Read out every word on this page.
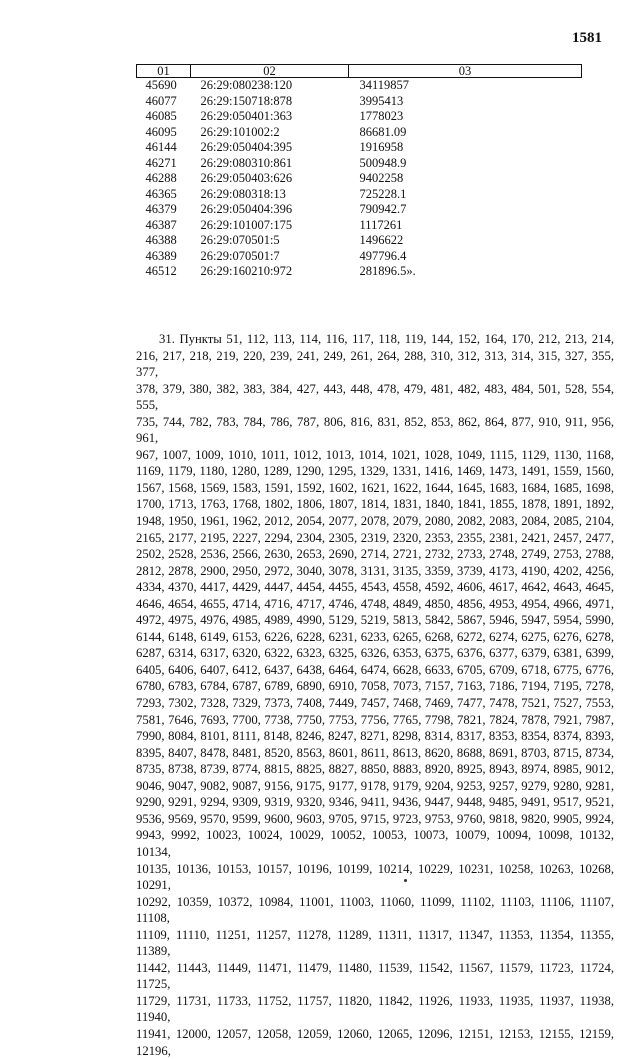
1581
01	02	03
45690	26:29:080238:120	34119857
46077	26:29:150718:878	3995413
46085	26:29:050401:363	1778023
46095	26:29:101002:2	86681.09
46144	26:29:050404:395	1916958
46271	26:29:080310:861	500948.9
46288	26:29:050403:626	9402258
46365	26:29:080318:13	725228.1
46379	26:29:050404:396	790942.7
46387	26:29:101007:175	1117261
46388	26:29:070501:5	1496622
46389	26:29:070501:7	497796.4
46512	26:29:160210:972	281896.5».
31. Пункты 51, 112, 113, 114, 116, 117, 118, 119, 144, 152, 164, 170, 212, 213, 214,
216, 217, 218, 219, 220, 239, 241, 249, 261, 264, 288, 310, 312, 313, 314, 315, 327, 355, 377,
378, 379, 380, 382, 383, 384, 427, 443, 448, 478, 479, 481, 482, 483, 484, 501, 528, 554, 555,
735, 744, 782, 783, 784, 786, 787, 806, 816, 831, 852, 853, 862, 864, 877, 910, 911, 956, 961,
967, 1007, 1009, 1010, 1011, 1012, 1013, 1014, 1021, 1028, 1049, 1115, 1129, 1130, 1168,
1169, 1179, 1180, 1280, 1289, 1290, 1295, 1329, 1331, 1416, 1469, 1473, 1491, 1559, 1560,
1567, 1568, 1569, 1583, 1591, 1592, 1602, 1621, 1622, 1644, 1645, 1683, 1684, 1685, 1698,
1700, 1713, 1763, 1768, 1802, 1806, 1807, 1814, 1831, 1840, 1841, 1855, 1878, 1891, 1892,
1948, 1950, 1961, 1962, 2012, 2054, 2077, 2078, 2079, 2080, 2082, 2083, 2084, 2085, 2104,
2165, 2177, 2195, 2227, 2294, 2304, 2305, 2319, 2320, 2353, 2355, 2381, 2421, 2457, 2477,
2502, 2528, 2536, 2566, 2630, 2653, 2690, 2714, 2721, 2732, 2733, 2748, 2749, 2753, 2788,
2812, 2878, 2900, 2950, 2972, 3040, 3078, 3131, 3135, 3359, 3739, 4173, 4190, 4202, 4256,
4334, 4370, 4417, 4429, 4447, 4454, 4455, 4543, 4558, 4592, 4606, 4617, 4642, 4643, 4645,
4646, 4654, 4655, 4714, 4716, 4717, 4746, 4748, 4849, 4850, 4856, 4953, 4954, 4966, 4971,
4972, 4975, 4976, 4985, 4989, 4990, 5129, 5219, 5813, 5842, 5867, 5946, 5947, 5954, 5990,
6144, 6148, 6149, 6153, 6226, 6228, 6231, 6233, 6265, 6268, 6272, 6274, 6275, 6276, 6278,
6287, 6314, 6317, 6320, 6322, 6323, 6325, 6326, 6353, 6375, 6376, 6377, 6379, 6381, 6399,
6405, 6406, 6407, 6412, 6437, 6438, 6464, 6474, 6628, 6633, 6705, 6709, 6718, 6775, 6776,
6780, 6783, 6784, 6787, 6789, 6890, 6910, 7058, 7073, 7157, 7163, 7186, 7194, 7195, 7278,
7293, 7302, 7328, 7329, 7373, 7408, 7449, 7457, 7468, 7469, 7477, 7478, 7521, 7527, 7553,
7581, 7646, 7693, 7700, 7738, 7750, 7753, 7756, 7765, 7798, 7821, 7824, 7878, 7921, 7987,
7990, 8084, 8101, 8111, 8148, 8246, 8247, 8271, 8298, 8314, 8317, 8353, 8354, 8374, 8393,
8395, 8407, 8478, 8481, 8520, 8563, 8601, 8611, 8613, 8620, 8688, 8691, 8703, 8715, 8734,
8735, 8738, 8739, 8774, 8815, 8825, 8827, 8850, 8883, 8920, 8925, 8943, 8974, 8985, 9012,
9046, 9047, 9082, 9087, 9156, 9175, 9177, 9178, 9179, 9204, 9253, 9257, 9279, 9280, 9281,
9290, 9291, 9294, 9309, 9319, 9320, 9346, 9411, 9436, 9447, 9448, 9485, 9491, 9517, 9521,
9536, 9569, 9570, 9599, 9600, 9603, 9705, 9715, 9723, 9753, 9760, 9818, 9820, 9905, 9924,
9943, 9992, 10023, 10024, 10029, 10052, 10053, 10073, 10079, 10094, 10098, 10132, 10134,
10135, 10136, 10153, 10157, 10196, 10199, 10214, 10229, 10231, 10258, 10263, 10268, 10291,
10292, 10359, 10372, 10984, 11001, 11003, 11060, 11099, 11102, 11103, 11106, 11107, 11108,
11109, 11110, 11251, 11257, 11278, 11289, 11311, 11317, 11347, 11353, 11354, 11355, 11389,
11442, 11443, 11449, 11471, 11479, 11480, 11539, 11542, 11567, 11579, 11723, 11724, 11725,
11729, 11731, 11733, 11752, 11757, 11820, 11842, 11926, 11933, 11935, 11937, 11938, 11940,
11941, 12000, 12057, 12058, 12059, 12060, 12065, 12096, 12151, 12153, 12155, 12159, 12196,
